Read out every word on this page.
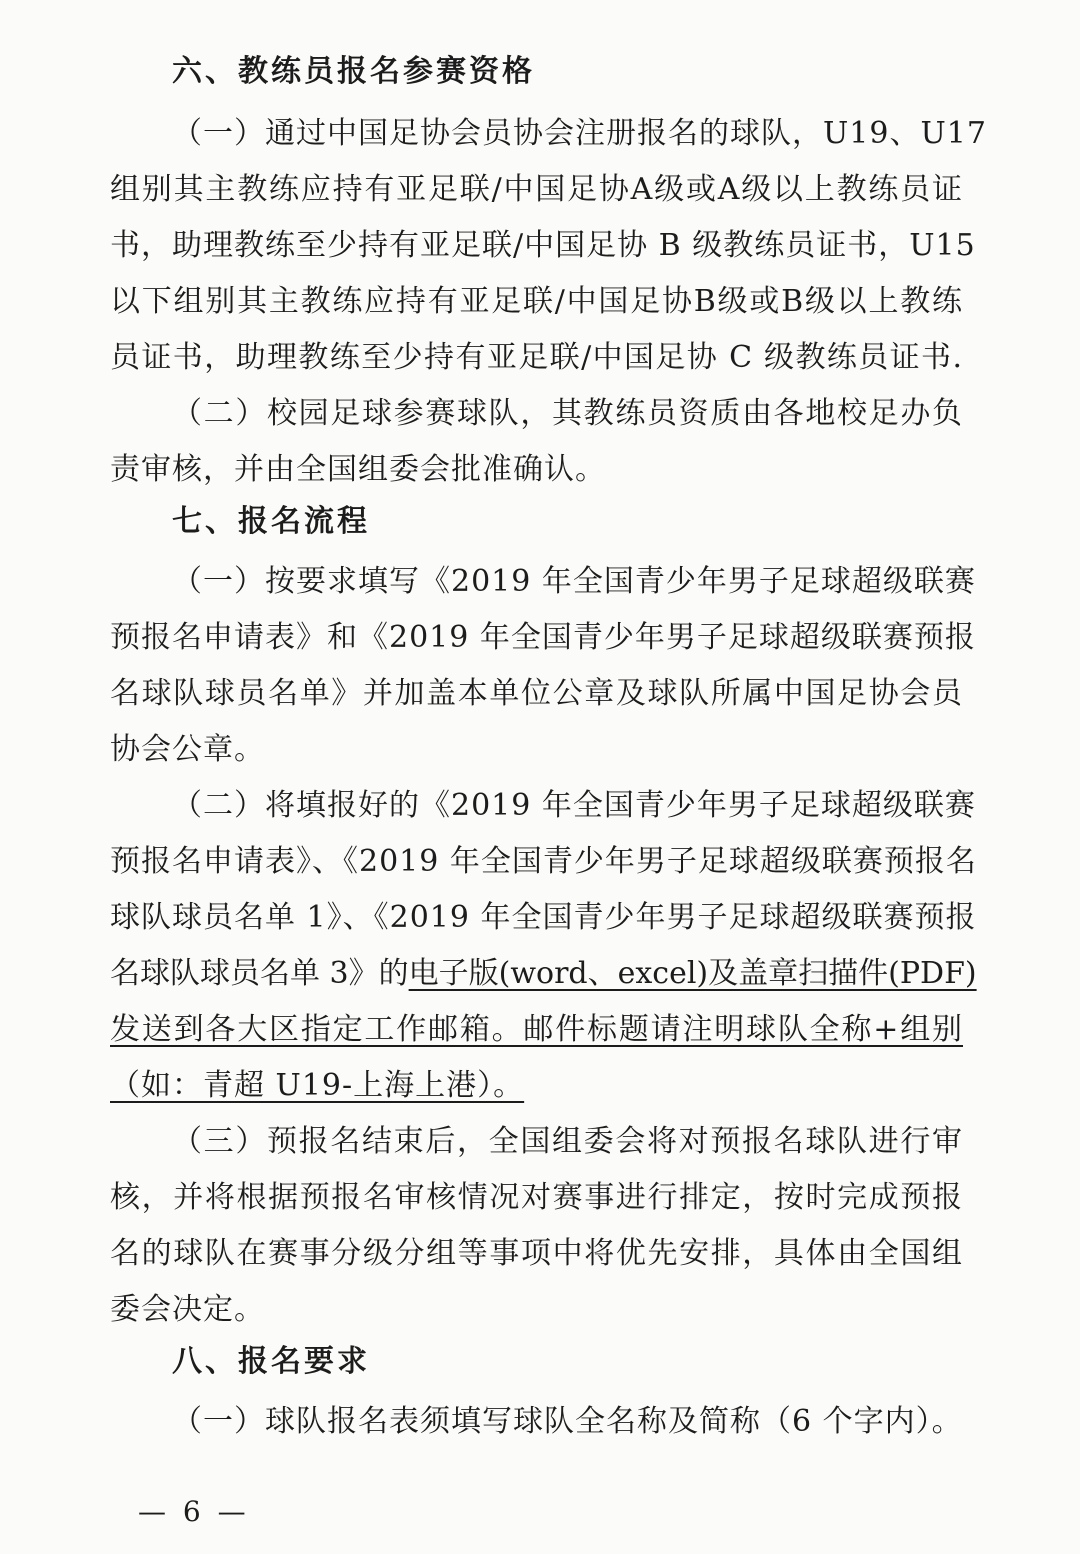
六、教练员报名参赛资格
（一）通过中国足协会员协会注册报名的球队，U19、U17
组别其主教练应持有亚足联/中国足协A级或A级以上教练员证
书，助理教练至少持有亚足联/中国足协 B 级教练员证书，U15
以下组别其主教练应持有亚足联/中国足协B级或B级以上教练
员证书，助理教练至少持有亚足联/中国足协 C 级教练员证书.
（二）校园足球参赛球队，其教练员资质由各地校足办负
责审核，并由全国组委会批准确认。
七、报名流程
（一）按要求填写《2019 年全国青少年男子足球超级联赛
预报名申请表》和《2019 年全国青少年男子足球超级联赛预报
名球队球员名单》并加盖本单位公章及球队所属中国足协会员
协会公章。
（二）将填报好的《2019 年全国青少年男子足球超级联赛
预报名申请表》、《2019 年全国青少年男子足球超级联赛预报名
球队球员名单 1》、《2019 年全国青少年男子足球超级联赛预报
名球队球员名单 3》的电子版(word、excel)及盖章扫描件(PDF)
发送到各大区指定工作邮箱。邮件标题请注明球队全称+组别
（如：青超 U19-上海上港）。
（三）预报名结束后，全国组委会将对预报名球队进行审
核，并将根据预报名审核情况对赛事进行排定，按时完成预报
名的球队在赛事分级分组等事项中将优先安排，具体由全国组
委会决定。
八、报名要求
（一）球队报名表须填写球队全名称及简称（6 个字内）。
— 6 —
